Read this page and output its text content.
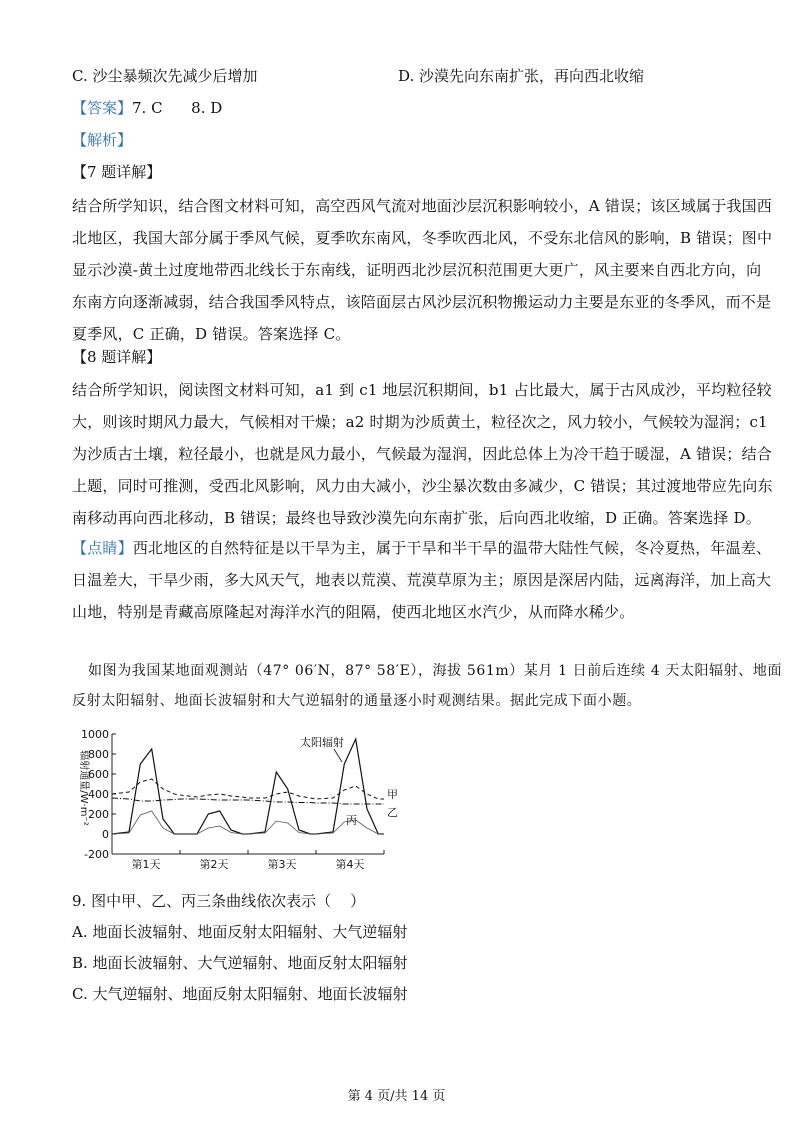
C. 沙尘暴频次先减少后增加	D. 沙漠先向东南扩张，再向西北收缩
【答案】7. C      8. D
【解析】
【7 题详解】
结合所学知识，结合图文材料可知，高空西风气流对地面沙层沉积影响较小，A 错误；该区域属于我国西
北地区，我国大部分属于季风气候，夏季吹东南风，冬季吹西北风，不受东北信风的影响，B 错误；图中
显示沙漠-黄土过度地带西北线长于东南线，证明西北沙层沉积范围更大更广，风主要来自西北方向，向
东南方向逐渐减弱，结合我国季风特点，该陪面层古风沙层沉积物搬运动力主要是东亚的冬季风，而不是
夏季风，C 正确，D 错误。答案选择 C。
【8 题详解】
结合所学知识，阅读图文材料可知，a1 到 c1 地层沉积期间，b1 占比最大，属于古风成沙，平均粒径较
大，则该时期风力最大，气候相对干燥；a2 时期为沙质黄土，粒径次之，风力较小，气候较为湿润；c1
为沙质古土壤，粒径最小，也就是风力最小，气候最为湿润，因此总体上为冷干趋于暖湿，A 错误；结合
上题，同时可推测，受西北风影响，风力由大减小，沙尘暴次数由多减少，C 错误；其过渡地带应先向东
南移动再向西北移动，B 错误；最终也导致沙漠先向东南扩张，后向西北收缩，D 正确。答案选择 D。
【点睛】西北地区的自然特征是以干旱为主，属于干旱和半干旱的温带大陆性气候，冬冷夏热，年温差、
日温差大，干旱少雨，多大风天气，地表以荒漠、荒漠草原为主；原因是深居内陆，远离海洋，加上高大
山地，特别是青藏高原隆起对海洋水汽的阻隔，使西北地区水汽少，从而降水稀少。
如图为我国某地面观测站（47° 06′N，87° 58′E），海拔 561m）某月 1 日前后连续 4 天太阳辐射、地面
反射太阳辐射、地面长波辐射和大气逆辐射的通量逐小时观测结果。据此完成下面小题。
1000
800
600
400
200
0
-200
第1天	第2天	第3天	第4天
辐射通量/W·m⁻²
太阳辐射
甲
乙
丙
9. 图中甲、乙、丙三条曲线依次表示（    ）
A. 地面长波辐射、地面反射太阳辐射、大气逆辐射
B. 地面长波辐射、大气逆辐射、地面反射太阳辐射
C. 大气逆辐射、地面反射太阳辐射、地面长波辐射
第 4 页/共 14 页
